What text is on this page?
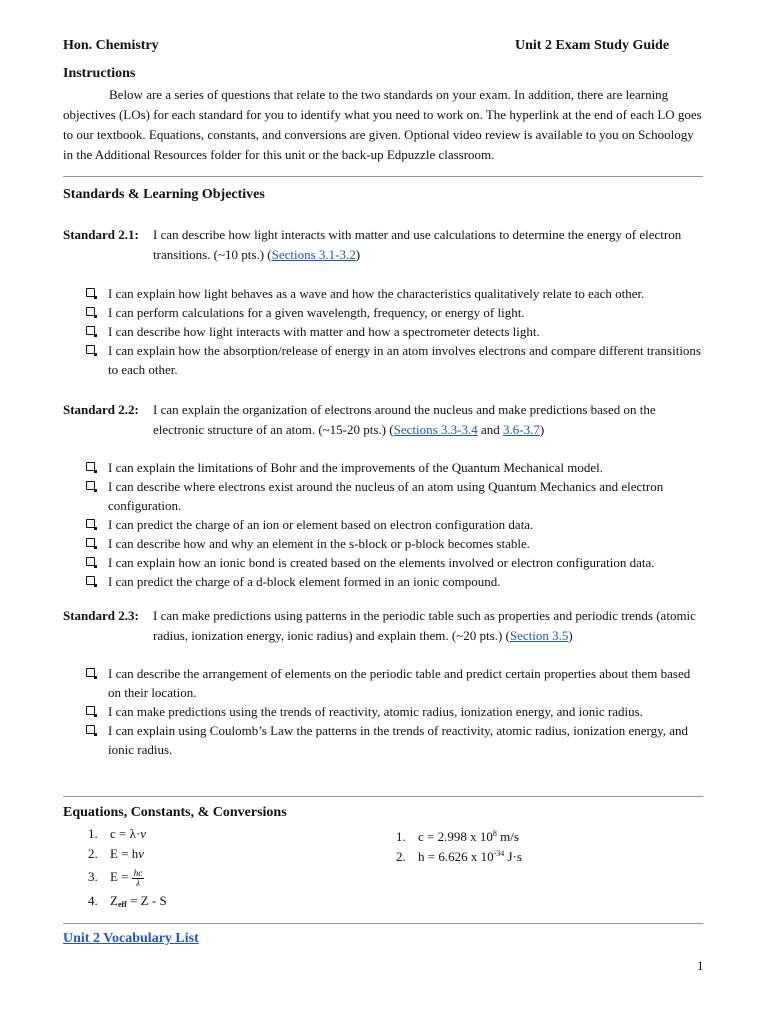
Hon. Chemistry	Unit 2 Exam Study Guide
Instructions
Below are a series of questions that relate to the two standards on your exam. In addition, there are learning objectives (LOs) for each standard for you to identify what you need to work on. The hyperlink at the end of each LO goes to our textbook. Equations, constants, and conversions are given. Optional video review is available to you on Schoology in the Additional Resources folder for this unit or the back-up Edpuzzle classroom.
Standards & Learning Objectives
Standard 2.1: I can describe how light interacts with matter and use calculations to determine the energy of electron transitions. (~10 pts.) (Sections 3.1-3.2)
I can explain how light behaves as a wave and how the characteristics qualitatively relate to each other.
I can perform calculations for a given wavelength, frequency, or energy of light.
I can describe how light interacts with matter and how a spectrometer detects light.
I can explain how the absorption/release of energy in an atom involves electrons and compare different transitions to each other.
Standard 2.2: I can explain the organization of electrons around the nucleus and make predictions based on the electronic structure of an atom. (~15-20 pts.) (Sections 3.3-3.4 and 3.6-3.7)
I can explain the limitations of Bohr and the improvements of the Quantum Mechanical model.
I can describe where electrons exist around the nucleus of an atom using Quantum Mechanics and electron configuration.
I can predict the charge of an ion or element based on electron configuration data.
I can describe how and why an element in the s-block or p-block becomes stable.
I can explain how an ionic bond is created based on the elements involved or electron configuration data.
I can predict the charge of a d-block element formed in an ionic compound.
Standard 2.3: I can make predictions using patterns in the periodic table such as properties and periodic trends (atomic radius, ionization energy, ionic radius) and explain them. (~20 pts.) (Section 3.5)
I can describe the arrangement of elements on the periodic table and predict certain properties about them based on their location.
I can make predictions using the trends of reactivity, atomic radius, ionization energy, and ionic radius.
I can explain using Coulomb’s Law the patterns in the trends of reactivity, atomic radius, ionization energy, and ionic radius.
Equations, Constants, & Conversions
1. c = λ·ν
2. E = hν
3. $E = \frac{hc}{\lambda}$
4. $Z_{eff} = Z - S$
1. c = 2.998 x $10^8$ m/s
2. h = 6.626 x $10^{-34}$ J·s
Unit 2 Vocabulary List
1
